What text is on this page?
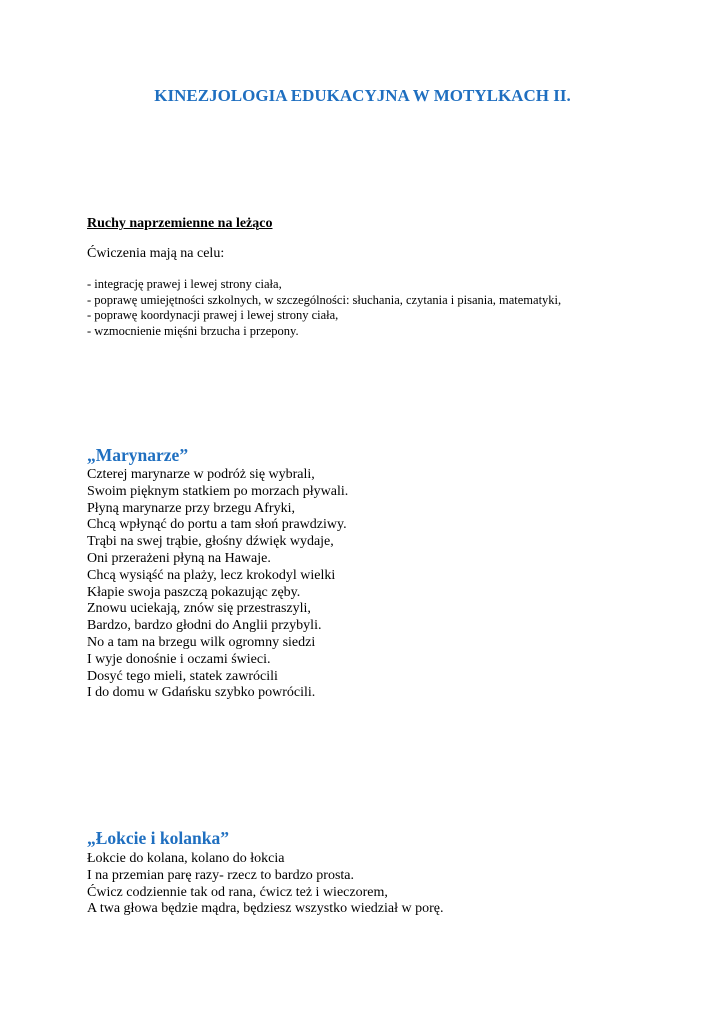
KINEZJOLOGIA EDUKACYJNA W MOTYLKACH II.
Ruchy naprzemienne na leżąco
Ćwiczenia mają na celu:
- integrację prawej i lewej strony ciała,
- poprawę umiejętności szkolnych, w szczególności: słuchania, czytania i pisania, matematyki,
- poprawę koordynacji prawej i lewej strony ciała,
- wzmocnienie mięśni brzucha i przepony.
„Marynarze”
Czterej marynarze w podróż się wybrali,
Swoim pięknym statkiem po morzach pływali.
Płyną marynarze przy brzegu Afryki,
Chcą wpłynąć do portu a tam słoń prawdziwy.
Trąbi na swej trąbie, głośny dźwięk wydaje,
Oni przerażeni płyną na Hawaje.
Chcą wysiąść na plaży, lecz krokodyl wielki
Kłapie swoja paszczą pokazując zęby.
Znowu uciekają, znów się przestraszyli,
Bardzo, bardzo głodni do Anglii przybyli.
No a tam na brzegu wilk ogromny siedzi
I wyje donośnie i oczami świeci.
Dosyć tego mieli, statek zawrócili
I do domu w Gdańsku szybko powrócili.
„Łokcie i kolanka”
Łokcie do kolana, kolano do łokcia
I na przemian parę razy- rzecz to bardzo prosta.
Ćwicz codziennie tak od rana, ćwicz też i wieczorem,
A twa głowa będzie mądra, będziesz wszystko wiedział w porę.
